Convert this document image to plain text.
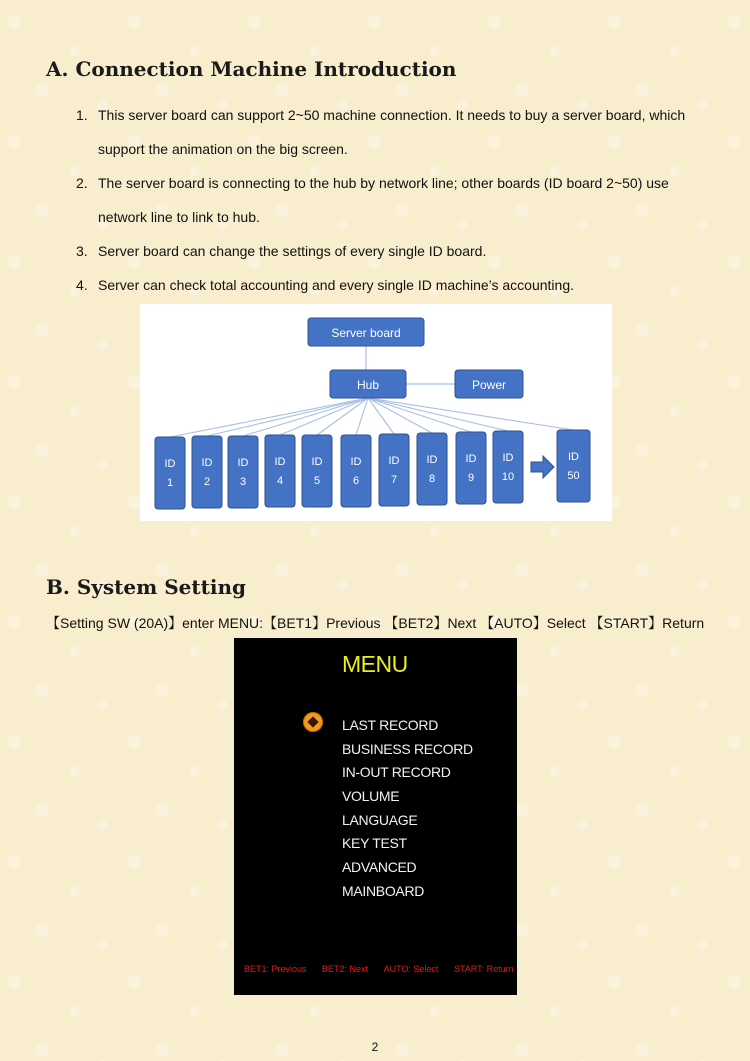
A. Connection Machine Introduction
1. This server board can support 2~50 machine connection. It needs to buy a server board, which
support the animation on the big screen.
2. The server board is connecting to the hub by network line; other boards (ID board 2~50) use
network line to link to hub.
3. Server board can change the settings of every single ID board.
4. Server can check total accounting and every single ID machine’s accounting.
Server board
Hub	Power
ID
1
ID
2
ID
3
ID
4
ID
5
ID
6
ID
7
ID
8
ID
9
ID
10
ID
50
B. System Setting
【Setting SW (20A)】enter MENU:【BET1】Previous 【BET2】Next 【AUTO】Select 【START】Return
MENU
LAST RECORD
BUSINESS RECORD
IN-OUT RECORD
VOLUME
LANGUAGE
KEY TEST
ADVANCED
MAINBOARD
BET1: Previous BET2: Next AUTO: Select START: Return
2
